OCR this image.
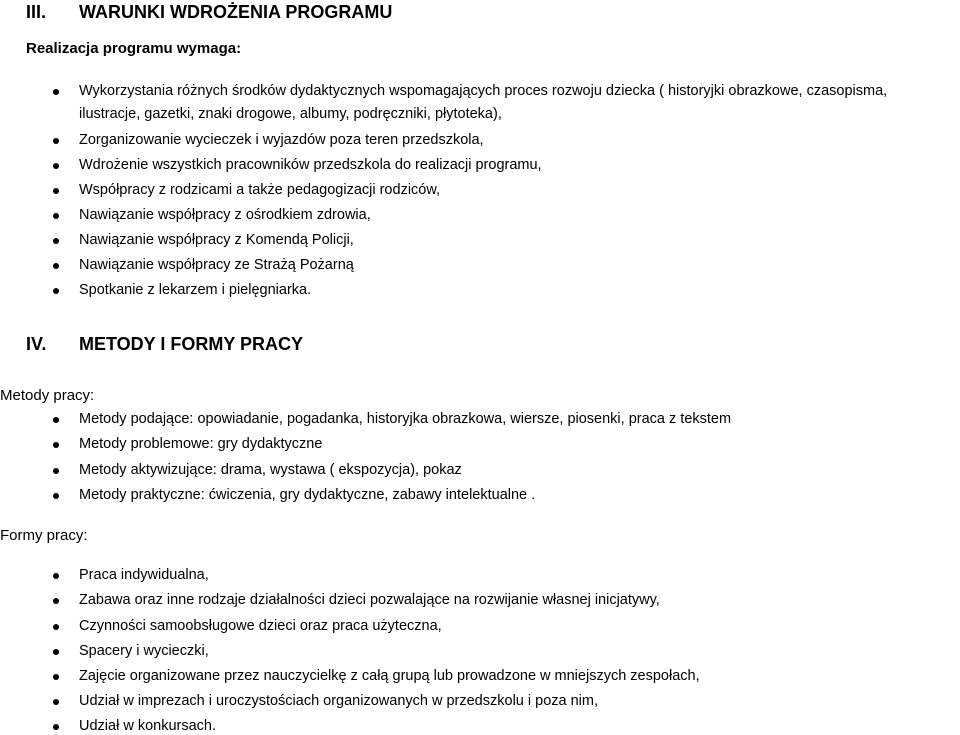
III. WARUNKI WDROŻENIA PROGRAMU
Realizacja programu wymaga:
Wykorzystania różnych środków dydaktycznych wspomagających proces rozwoju dziecka ( historyjki obrazkowe, czasopisma,
ilustracje, gazetki, znaki drogowe, albumy, podręczniki, płytoteka),
Zorganizowanie wycieczek i wyjazdów poza teren przedszkola,
Wdrożenie wszystkich pracowników przedszkola do realizacji programu,
Współpracy z rodzicami a także pedagogizacji rodziców,
Nawiązanie współpracy z ośrodkiem zdrowia,
Nawiązanie współpracy z Komendą Policji,
Nawiązanie współpracy ze Strażą Pożarną
Spotkanie z lekarzem i pielęgniarka.
IV. METODY I FORMY PRACY
Metody pracy:
Metody podające: opowiadanie, pogadanka, historyjka obrazkowa, wiersze, piosenki, praca z tekstem
Metody problemowe: gry dydaktyczne
Metody aktywizujące: drama, wystawa ( ekspozycja), pokaz
Metody praktyczne: ćwiczenia, gry dydaktyczne, zabawy intelektualne .
Formy pracy:
Praca indywidualna,
Zabawa oraz inne rodzaje działalności dzieci pozwalające na rozwijanie własnej inicjatywy,
Czynności samoobsługowe dzieci oraz praca użyteczna,
Spacery i wycieczki,
Zajęcie organizowane przez nauczycielkę z całą grupą lub prowadzone w mniejszych zespołach,
Udział w imprezach i uroczystościach organizowanych w przedszkolu i poza nim,
Udział w konkursach.
